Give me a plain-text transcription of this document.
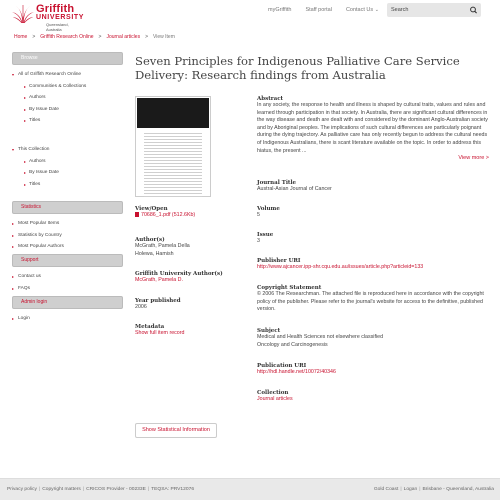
Griffith
UNIVERSITY
Queensland, Australia
myGriffith	Staff portal	Contact Us ⌄ Search
Home > Griffith Research Online > Journal articles > View Item
Browse
▾ All of Griffith Research Online
▸ Communities & Collections
▸ Authors
▸ By Issue Date
▸ Titles
▾ This Collection
▸ Authors
▸ By Issue Date
▸ Titles
Statistics
▸ Most Popular Items
▸ Statistics by Country
▸ Most Popular Authors
Support
▸ Contact us
▸ FAQs
Admin login
▸ Login
Seven Principles for Indigenous Palliative Care Service Delivery: Research findings from Australia
View/Open
70686_1.pdf (512.6Kb)
Author(s)
McGrath, Pamela Della
Holewa, Hamish
Griffith University Author(s)
McGrath, Pamela D.
Year published
2006
Metadata
Show full item record
Abstract
In any society, the response to health and illness is shaped by cultural traits, values and rules and learned through participation in that society. In Australia, there are significant cultural differences in the way disease and death are dealt with and considered by the dominant Anglo-Australian society and by Aboriginal peoples. The implications of such cultural differences are particularly poignant during the dying trajectory. As palliative care has only recently begun to address the cultural needs of Indigenous Australians, there is scant literature available on the topic. In order to address this hiatus, the present ...
View more >
Journal Title
Austral-Asian Journal of Cancer
Volume
5
Issue
3
Publisher URI
http://www.ajcancer.ipp-shr.cqu.edu.au/issues/article.php?articleid=133
Copyright Statement
© 2006 The Researchman. The attached file is reproduced here in accordance with the copyright policy of the publisher. Please refer to the journal's website for access to the definitive, published version.
Subject
Medical and Health Sciences not elsewhere classified
Oncology and Carcinogenesis
Publication URI
http://hdl.handle.net/10072/40346
Collection
Journal articles
Show Statistical Information
Privacy policy | Copyright matters | CRICOS Provider - 00233E | TEQSA: PRV12076	Gold Coast | Logan | Brisbane - Queensland, Australia
